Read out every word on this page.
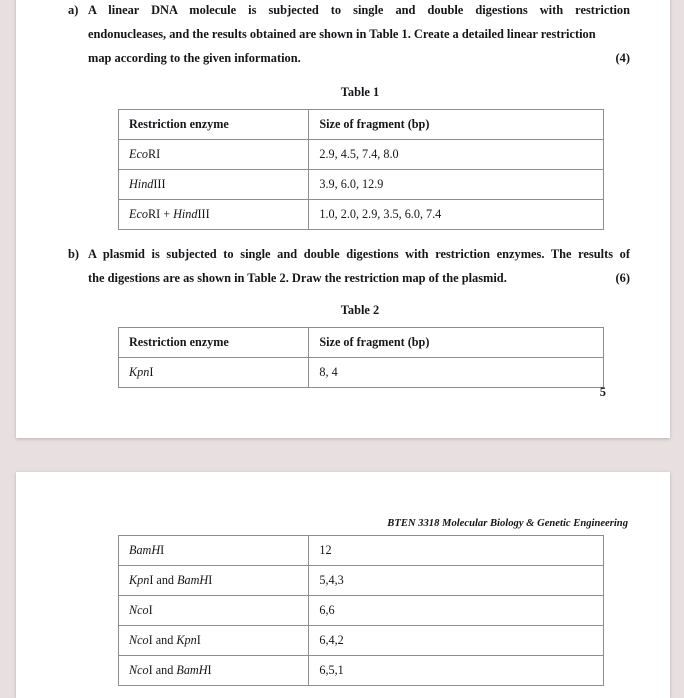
a) A linear DNA molecule is subjected to single and double digestions with restriction
endonucleases, and the results obtained are shown in Table 1. Create a detailed linear restriction
map according to the given information.	(4)
Table 1
Restriction enzyme	Size of fragment (bp)
EcoRI	2.9, 4.5, 7.4, 8.0
HindIII	3.9, 6.0, 12.9
EcoRI + HindIII	1.0, 2.0, 2.9, 3.5, 6.0, 7.4
b) A plasmid is subjected to single and double digestions with restriction enzymes. The results of
the digestions are as shown in Table 2. Draw the restriction map of the plasmid.	(6)
Table 2
Restriction enzyme	Size of fragment (bp)
KpnI	8, 4
5
BTEN 3318 Molecular Biology & Genetic Engineering
BamHI	12
KpnI and BamHI	5,4,3
NcoI	6,6
NcoI and KpnI	6,4,2
NcoI and BamHI	6,5,1
